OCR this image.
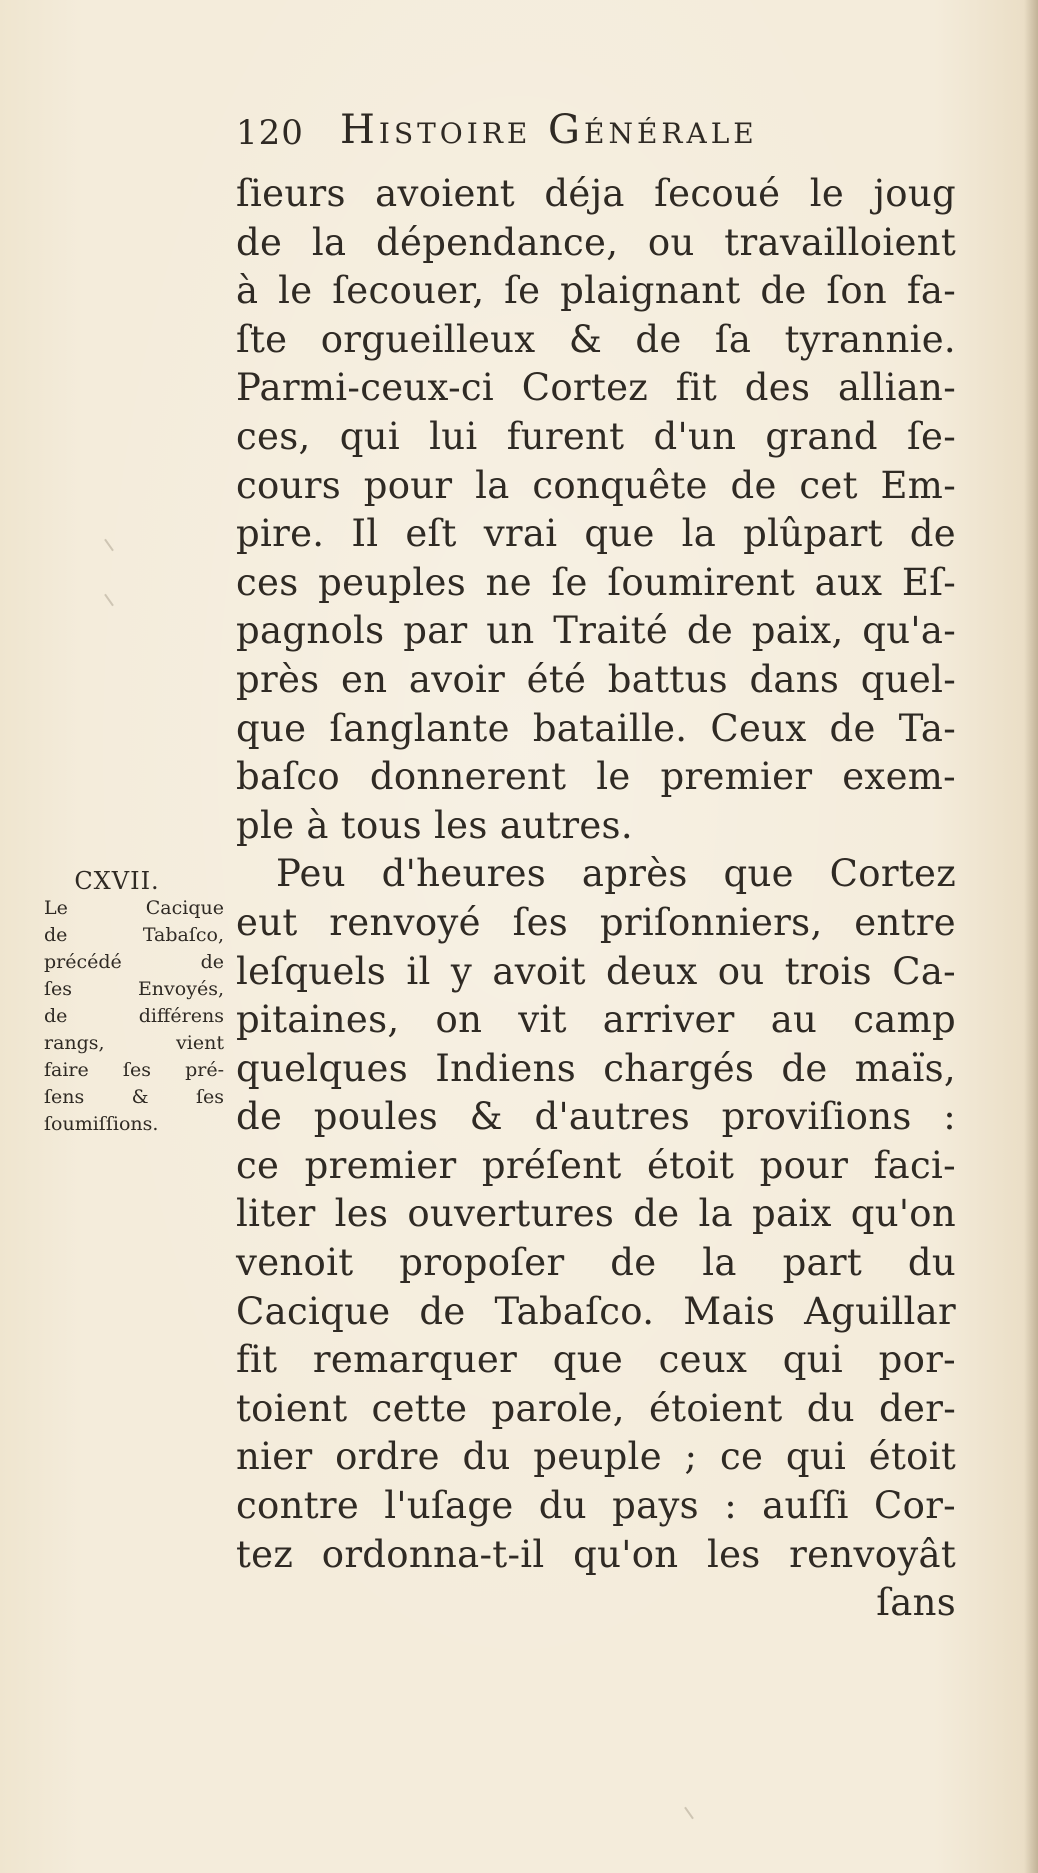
120 Histoire Générale
ſieurs avoient déja ſecoué le joug
de la dépendance, ou travailloient
à le ſecouer, ſe plaignant de ſon fa-
ſte orgueilleux & de ſa tyrannie.
Parmi-ceux-ci Cortez fit des allian-
ces, qui lui furent d'un grand ſe-
cours pour la conquête de cet Em-
pire. Il eſt vrai que la plûpart de
ces peuples ne ſe ſoumirent aux Eſ-
pagnols par un Traité de paix, qu'a-
près en avoir été battus dans quel-
que ſanglante bataille. Ceux de Ta-
baſco donnerent le premier exem-
ple à tous les autres.
Peu d'heures après que Cortez
eut renvoyé ſes priſonniers, entre
leſquels il y avoit deux ou trois Ca-
pitaines, on vit arriver au camp
quelques Indiens chargés de maïs,
de poules & d'autres proviſions :
ce premier préſent étoit pour faci-
liter les ouvertures de la paix qu'on
venoit propoſer de la part du
Cacique de Tabaſco. Mais Aguillar
fit remarquer que ceux qui por-
toient cette parole, étoient du der-
nier ordre du peuple ; ce qui étoit
contre l'uſage du pays : auſſi Cor-
tez ordonna-t-il qu'on les renvoyât
ſans
CXVII.
Le Cacique
de Tabaſco,
précédé de
ſes Envoyés,
de différens
rangs, vient
faire ſes pré-
ſens & ſes
ſoumiſſions.
